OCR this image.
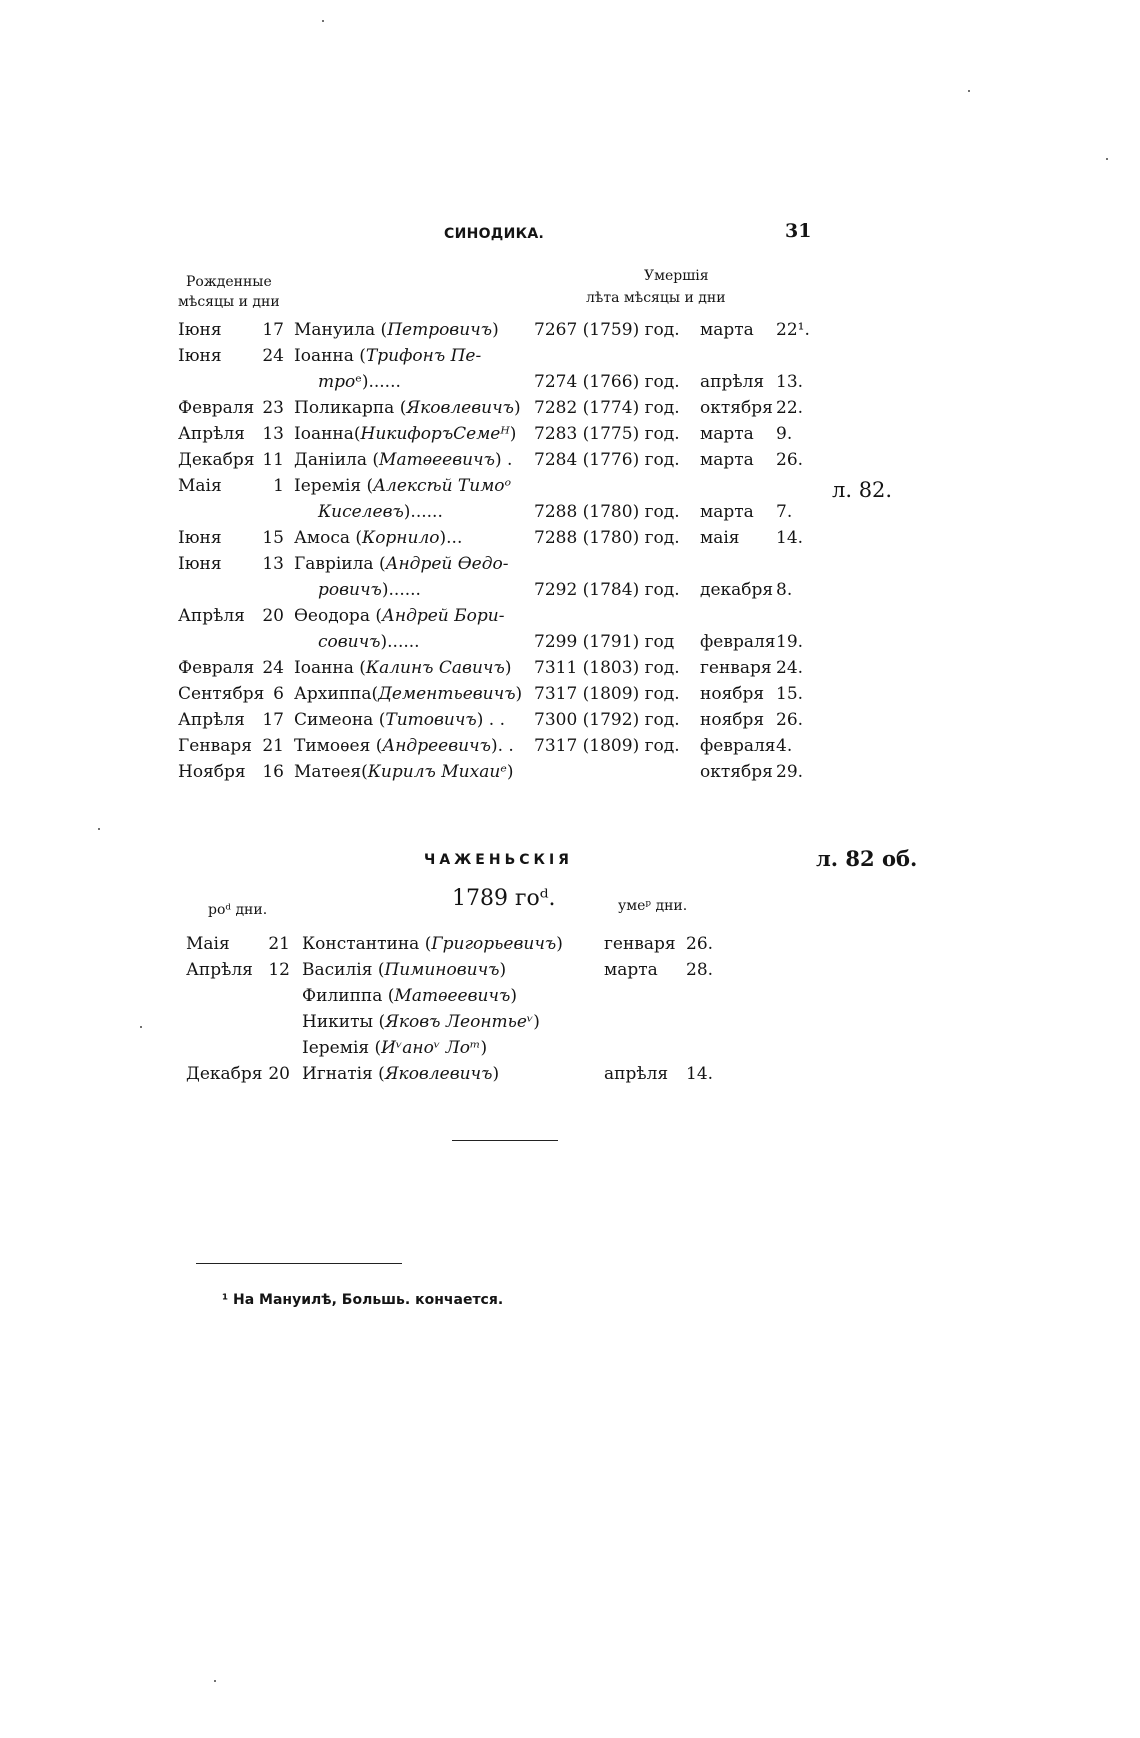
СИНОДИКА.	31
Рожденные
мѣсяцы и дни
Умершія
лѣта мѣсяцы и дни
Іюня 17 Мануила (Петровичъ) 7267 (1759) год. марта 22¹.
Іюня 24 Іоанна (Трифонъ Пе-
троᵉ)......	7274 (1766) год. апрѣля 13.
Февраля 23 Поликарпа (Яковлевичъ) 7282 (1774) год. октября 22.
Апрѣля 13 Іоанна(НикифоръСемеᴴ) 7283 (1775) год. марта 9.
Декабря 11 Даніила (Матѳеевичъ) . 7284 (1776) год. марта 26.
Маія	1 Іеремія (Алексѣй Тимоᵒ
Киселевъ)......	7288 (1780) год. марта 7.
Іюня 15 Амоса (Корнило)...	7288 (1780) год. маія 14.
Іюня 13 Гавріила (Андрей Ѳедо-
ровичъ)......	7292 (1784) год. декабря 8.
Апрѣля 20 Ѳеодора (Андрей Бори-
совичъ)......	7299 (1791) год февраля 19.
Февраля 24 Іоанна (Калинъ Савичъ) 7311 (1803) год. генваря 24.
Сентября 6 Архиппа(Дементьевичъ) 7317 (1809) год. ноября 15.
Апрѣля 17 Симеона (Титовичъ) . . 7300 (1792) год. ноября 26.
Генваря 21 Тимоѳея (Андреевичъ). . 7317 (1809) год. февраля 4.
Ноября 16 Матѳея(Кирилъ Михаиᵉ)	октября 29.
л. 82.
л. 82 об.
ЧАЖЕНЬСКІЯ
1789 гоᵈ.
роᵈ дни.	умеᵖ дни.
Маія 21 Константина (Григорьевичъ) генваря 26.
Апрѣля 12 Василія (Пиминовичъ)	марта 28.
Филиппа (Матѳеевичъ)
Никиты (Яковъ Леонтьеᵛ)
Іеремія (Иᵛаноᵛ Лоᵐ)
Декабря 20 Игнатія (Яковлевичъ)	апрѣля 14.
¹ На Мануилѣ, Большь. кончается.
